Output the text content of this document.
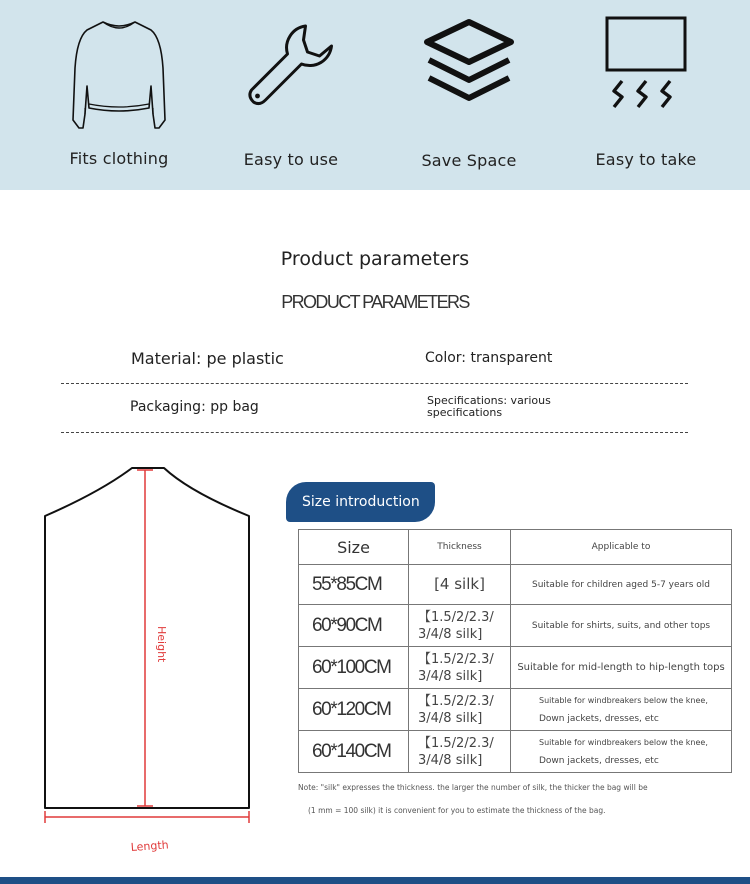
Fits clothing	Easy to use	Save Space	Easy to take
Product parameters
PRODUCT PARAMETERS
Material: pe plastic	Color: transparent
Packaging: pp bag	Specifications: various specifications
Height
Length
Size introduction
Size	Thickness	Applicable to
55*85CM	[4 silk]	Suitable for children aged 5-7 years old
60*90CM	【1.5/2/2.3/ 3/4/8 silk]	Suitable for shirts, suits, and other tops
60*100CM	【1.5/2/2.3/ 3/4/8 silk]	Suitable for mid-length to hip-length tops
60*120CM	【1.5/2/2.3/ 3/4/8 silk]	Suitable for windbreakers below the knee,
Down jackets, dresses, etc

60*140CM	【1.5/2/2.3/ 3/4/8 silk]	Suitable for windbreakers below the knee,
Down jackets, dresses, etc
Note: "silk" expresses the thickness. the larger the number of silk, the thicker the bag will be
(1 mm = 100 silk) it is convenient for you to estimate the thickness of the bag.
